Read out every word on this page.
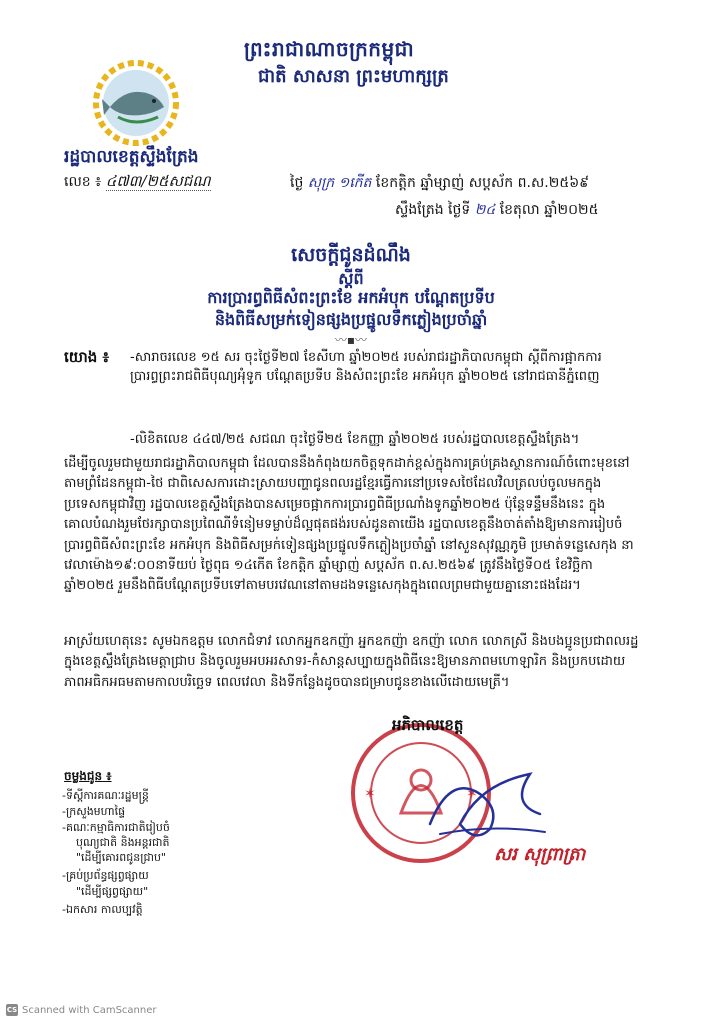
ព្រះរាជាណាចក្រកម្ពុជា
ជាតិ សាសនា ព្រះមហាក្សត្រ
រដ្ឋបាលខេត្តស្ទឹងត្រែង
លេខ ៖ ៤៧៣/២៥សជណ	ថ្ងៃ សុក្រ ១កើត ខែកត្តិក ឆ្នាំម្សាញ់ សប្តស័ក ព.ស.២៥៦៩
ស្ទឹងត្រែង ថ្ងៃទី ២៤ ខែតុលា ឆ្នាំ២០២៥
សេចក្តីជូនដំណឹង
ស្តីពី
ការប្រារព្ធពិធីសំពះព្រះខែ អកអំបុក បណ្តែតប្រទីប
និងពិធីសម្រក់ទៀនផ្សងប្រផ្នូលទឹកភ្លៀងប្រចាំឆ្នាំ
〰▪〰
យោង ៖ -សារាចរលេខ ១៥ សរ ចុះថ្ងៃទី២៧ ខែសីហា ឆ្នាំ២០២៥ របស់រាជរដ្ឋាភិបាលកម្ពុជា ស្តីពីការផ្អាកការប្រារព្ធព្រះរាជពិធីបុណ្យអុំទូក បណ្តែតប្រទីប និងសំពះព្រះខែ អកអំបុក ឆ្នាំ២០២៥ នៅរាជធានីភ្នំពេញ
-លិខិតលេខ ៤៤៧/២៥ សជណ ចុះថ្ងៃទី២៥ ខែកញ្ញា ឆ្នាំ២០២៥ របស់រដ្ឋបាលខេត្តស្ទឹងត្រែង។
ដើម្បីចូលរួមជាមួយរាជរដ្ឋាភិបាលកម្ពុជា ដែលបាននឹងកំពុងយកចិត្តទុកដាក់ខ្ពស់ក្នុងការគ្រប់គ្រងស្ថានការណ៍ចំពោះមុខនៅតាមព្រំដែនកម្ពុជា-ថៃ ជាពិសេសការដោះស្រាយបញ្ហាជូនពលរដ្ឋខ្មែរធ្វើការនៅប្រទេសថៃដែលវិលត្រលប់ចូលមកក្នុងប្រទេសកម្ពុជាវិញ រដ្ឋបាលខេត្តស្ទឹងត្រែងបានសម្រេចផ្អាកការប្រារព្ធពិធីប្រណាំងទូកឆ្នាំ២០២៥ ប៉ុន្តែទន្ទឹមនឹងនេះ ក្នុងគោលបំណងរួមថែរក្សាបានប្រពៃណីទំនៀមទម្លាប់ដ៏ល្អផុតផង់របស់ដូនតាយើង រដ្ឋបាលខេត្តនឹងចាត់តាំងឱ្យមានការរៀបចំប្រារព្ធពិធីសំពះព្រះខែ អកអំបុក និងពិធីសម្រក់ទៀនផ្សងប្រផ្នូលទឹកភ្លៀងប្រចាំឆ្នាំ នៅសួនសុវណ្ណភូមិ ប្រមាត់ទន្លេសេកុង នាវេលាម៉ោង១៩:០០នាទីយប់ ថ្ងៃពុធ ១៤កើត ខែកត្តិក ឆ្នាំម្សាញ់ សប្តស័ក ព.ស.២៥៦៩ ត្រូវនឹងថ្ងៃទី០៥ ខែវិច្ឆិកា ឆ្នាំ២០២៥ រួមនឹងពិធីបណ្តែតប្រទីបទៅតាមបរវេណនៅតាមដងទន្លេសេកុងក្នុងពេលព្រមជាមួយគ្នានោះផងដែរ។
អាស្រ័យហេតុនេះ សូមឯកឧត្តម លោកជំទាវ លោកអ្នកឧកញ៉ា អ្នកឧកញ៉ា ឧកញ៉ា លោក លោកស្រី និងបងប្អូនប្រជាពលរដ្ឋក្នុងខេត្តស្ទឹងត្រែងមេត្តាជ្រាប និងចូលរួមអបអរសាទរ-កំសាន្តសប្បាយក្នុងពិធីនេះឱ្យមានភាពមហោឡារិក និងប្រកបដោយភាពអធិកអធមតាមកាលបរិច្ឆេទ ពេលវេលា និងទីកន្លែងដូចបានជម្រាបជូនខាងលើដោយមេត្រី។
✶	✶
អភិបាលខេត្ត
សរ សុព្រាត្រា
ចម្លងជូន ៖
-ទីស្តីការគណៈរដ្ឋមន្ត្រី
-ក្រសួងមហាផ្ទៃ
-គណៈកម្មាធិការជាតិរៀបចំ
បុណ្យជាតិ និងអន្តរជាតិ
"ដើម្បីគោរពជូនជ្រាប"
-គ្រប់ប្រព័ន្ធផ្សព្វផ្សាយ
"ដើម្បីផ្សព្វផ្សាយ"
-ឯកសារ កាលប្បវត្តិ
CS Scanned with CamScanner
